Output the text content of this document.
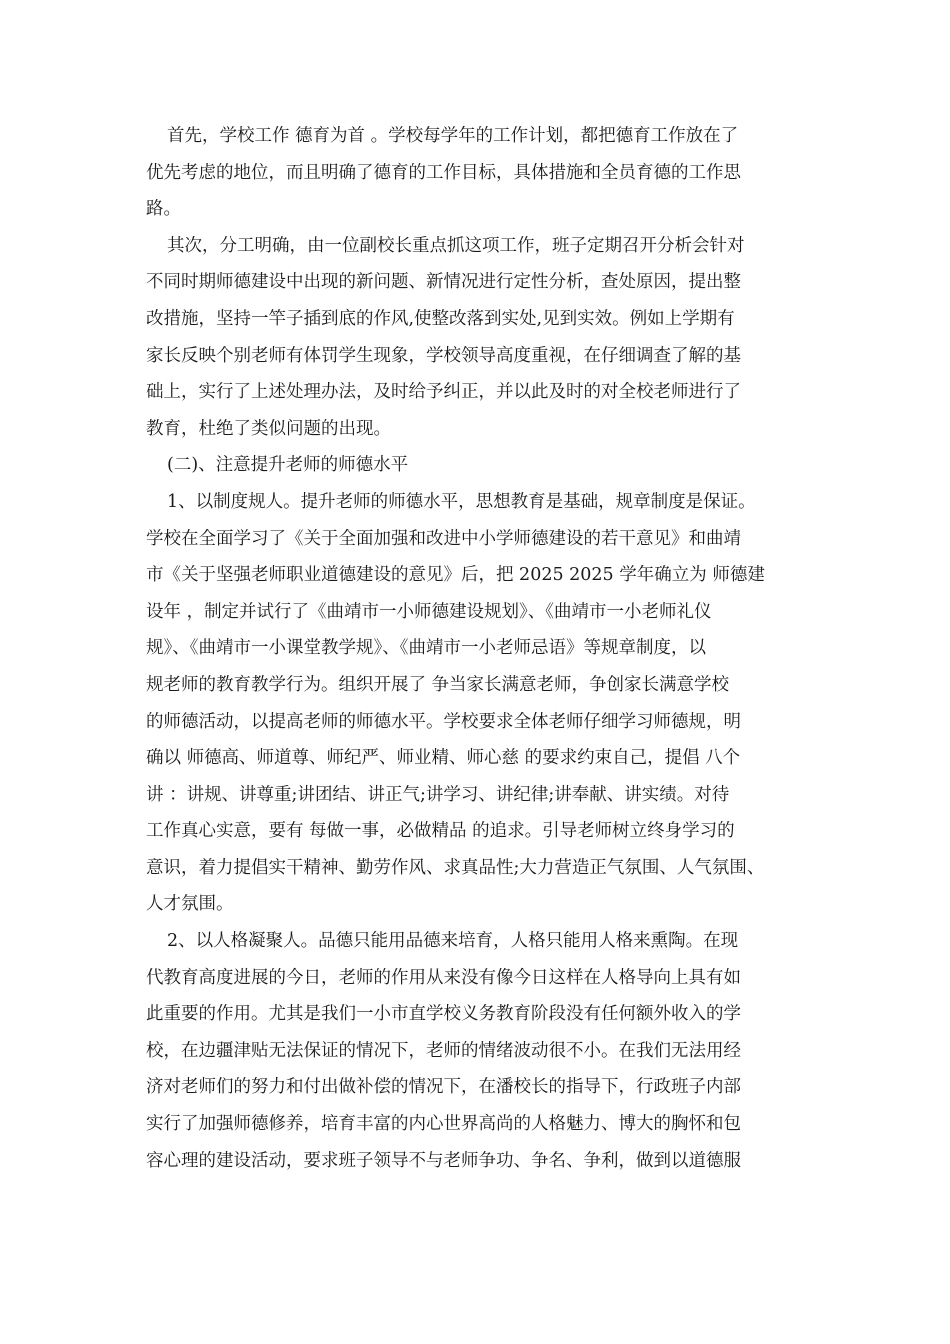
首先，学校工作 德育为首 。学校每学年的工作计划，都把德育工作放在了
优先考虑的地位，而且明确了德育的工作目标，具体措施和全员育德的工作思
路。
其次，分工明确，由一位副校长重点抓这项工作，班子定期召开分析会针对
不同时期师德建设中出现的新问题、新情况进行定性分析，查处原因，提出整
改措施，坚持一竿子插到底的作风,使整改落到实处,见到实效。例如上学期有
家长反映个别老师有体罚学生现象，学校领导高度重视，在仔细调查了解的基
础上，实行了上述处理办法，及时给予纠正，并以此及时的对全校老师进行了
教育，杜绝了类似问题的出现。
(二)、注意提升老师的师德水平
1、以制度规人。提升老师的师德水平，思想教育是基础，规章制度是保证。
学校在全面学习了《关于全面加强和改进中小学师德建设的若干意见》和曲靖
市《关于坚强老师职业道德建设的意见》后，把 2025 2025 学年确立为 师德建
设年 ，制定并试行了《曲靖市一小师德建设规划》、《曲靖市一小老师礼仪
规》、《曲靖市一小课堂教学规》、《曲靖市一小老师忌语》等规章制度，以
规老师的教育教学行为。组织开展了 争当家长满意老师，争创家长满意学校
的师德活动，以提高老师的师德水平。学校要求全体老师仔细学习师德规，明
确以 师德高、师道尊、师纪严、师业精、师心慈 的要求约束自己，提倡 八个
讲 ：讲规、讲尊重;讲团结、讲正气;讲学习、讲纪律;讲奉献、讲实绩。对待
工作真心实意，要有 每做一事，必做精品 的追求。引导老师树立终身学习的
意识，着力提倡实干精神、勤劳作风、求真品性;大力营造正气氛围、人气氛围、
人才氛围。
2、以人格凝聚人。品德只能用品德来培育，人格只能用人格来熏陶。在现
代教育高度进展的今日，老师的作用从来没有像今日这样在人格导向上具有如
此重要的作用。尤其是我们一小市直学校义务教育阶段没有任何额外收入的学
校，在边疆津贴无法保证的情况下，老师的情绪波动很不小。在我们无法用经
济对老师们的努力和付出做补偿的情况下，在潘校长的指导下，行政班子内部
实行了加强师德修养，培育丰富的内心世界高尚的人格魅力、博大的胸怀和包
容心理的建设活动，要求班子领导不与老师争功、争名、争利，做到以道德服
